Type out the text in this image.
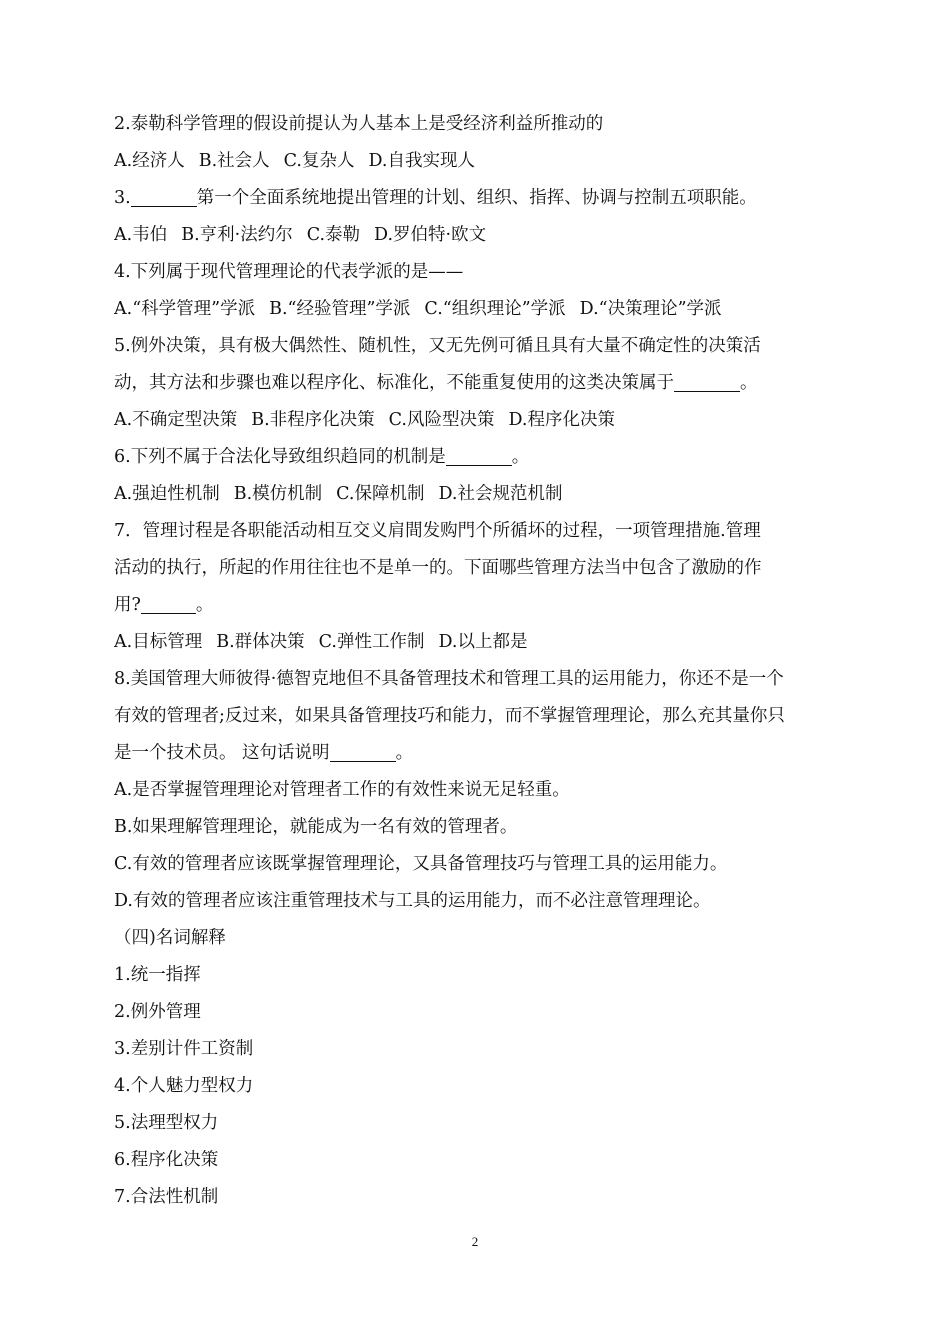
2.泰勒科学管理的假设前提认为人基本上是受经济利益所推动的
A.经济人 B.社会人 C.复杂人 D.自我实现人
3.	第一个全面系统地提出管理的计划、组织、指挥、协调与控制五项职能。
A.韦伯 B.亨利·法约尔 C.泰勒 D.罗伯特·欧文
4.下列属于现代管理理论的代表学派的是——
A.“科学管理”学派 B.“经验管理”学派 C.“组织理论”学派 D.“决策理论”学派
5.例外决策，具有极大偶然性、随机性，又无先例可循且具有大量不确定性的决策活
动，其方法和步骤也难以程序化、标准化，不能重复使用的这类决策属于	。
A.不确定型决策 B.非程序化决策 C.风险型决策 D.程序化决策
6.下列不属于合法化导致组织趋同的机制是	。
A.强迫性机制 B.模仿机制 C.保障机制 D.社会规范机制
7．管理讨程是各职能活动相互交义肩間发购門个所循坏的过程，一项管理措施.管理
活动的执行，所起的作用往往也不是单一的。下面哪些管理方法当中包含了激励的作
用?	。
A.目标管理 B.群体决策 C.弹性工作制 D.以上都是
8.美国管理大师彼得·德智克地但不具备管理技术和管理工具的运用能力，你还不是一个
有效的管理者;反过来，如果具备管理技巧和能力，而不掌握管理理论，那么充其量你只
是一个技术员。 这句话说明	。
A.是否掌握管理理论对管理者工作的有效性来说无足轻重。
B.如果理解管理理论，就能成为一名有效的管理者。
C.有效的管理者应该既掌握管理理论，又具备管理技巧与管理工具的运用能力。
D.有效的管理者应该注重管理技术与工具的运用能力，而不必注意管理理论。
（四)名词解释
1.统一指挥
2.例外管理
3.差别计件工资制
4.个人魅力型权力
5.法理型权力
6.程序化决策
7.合法性机制
2
